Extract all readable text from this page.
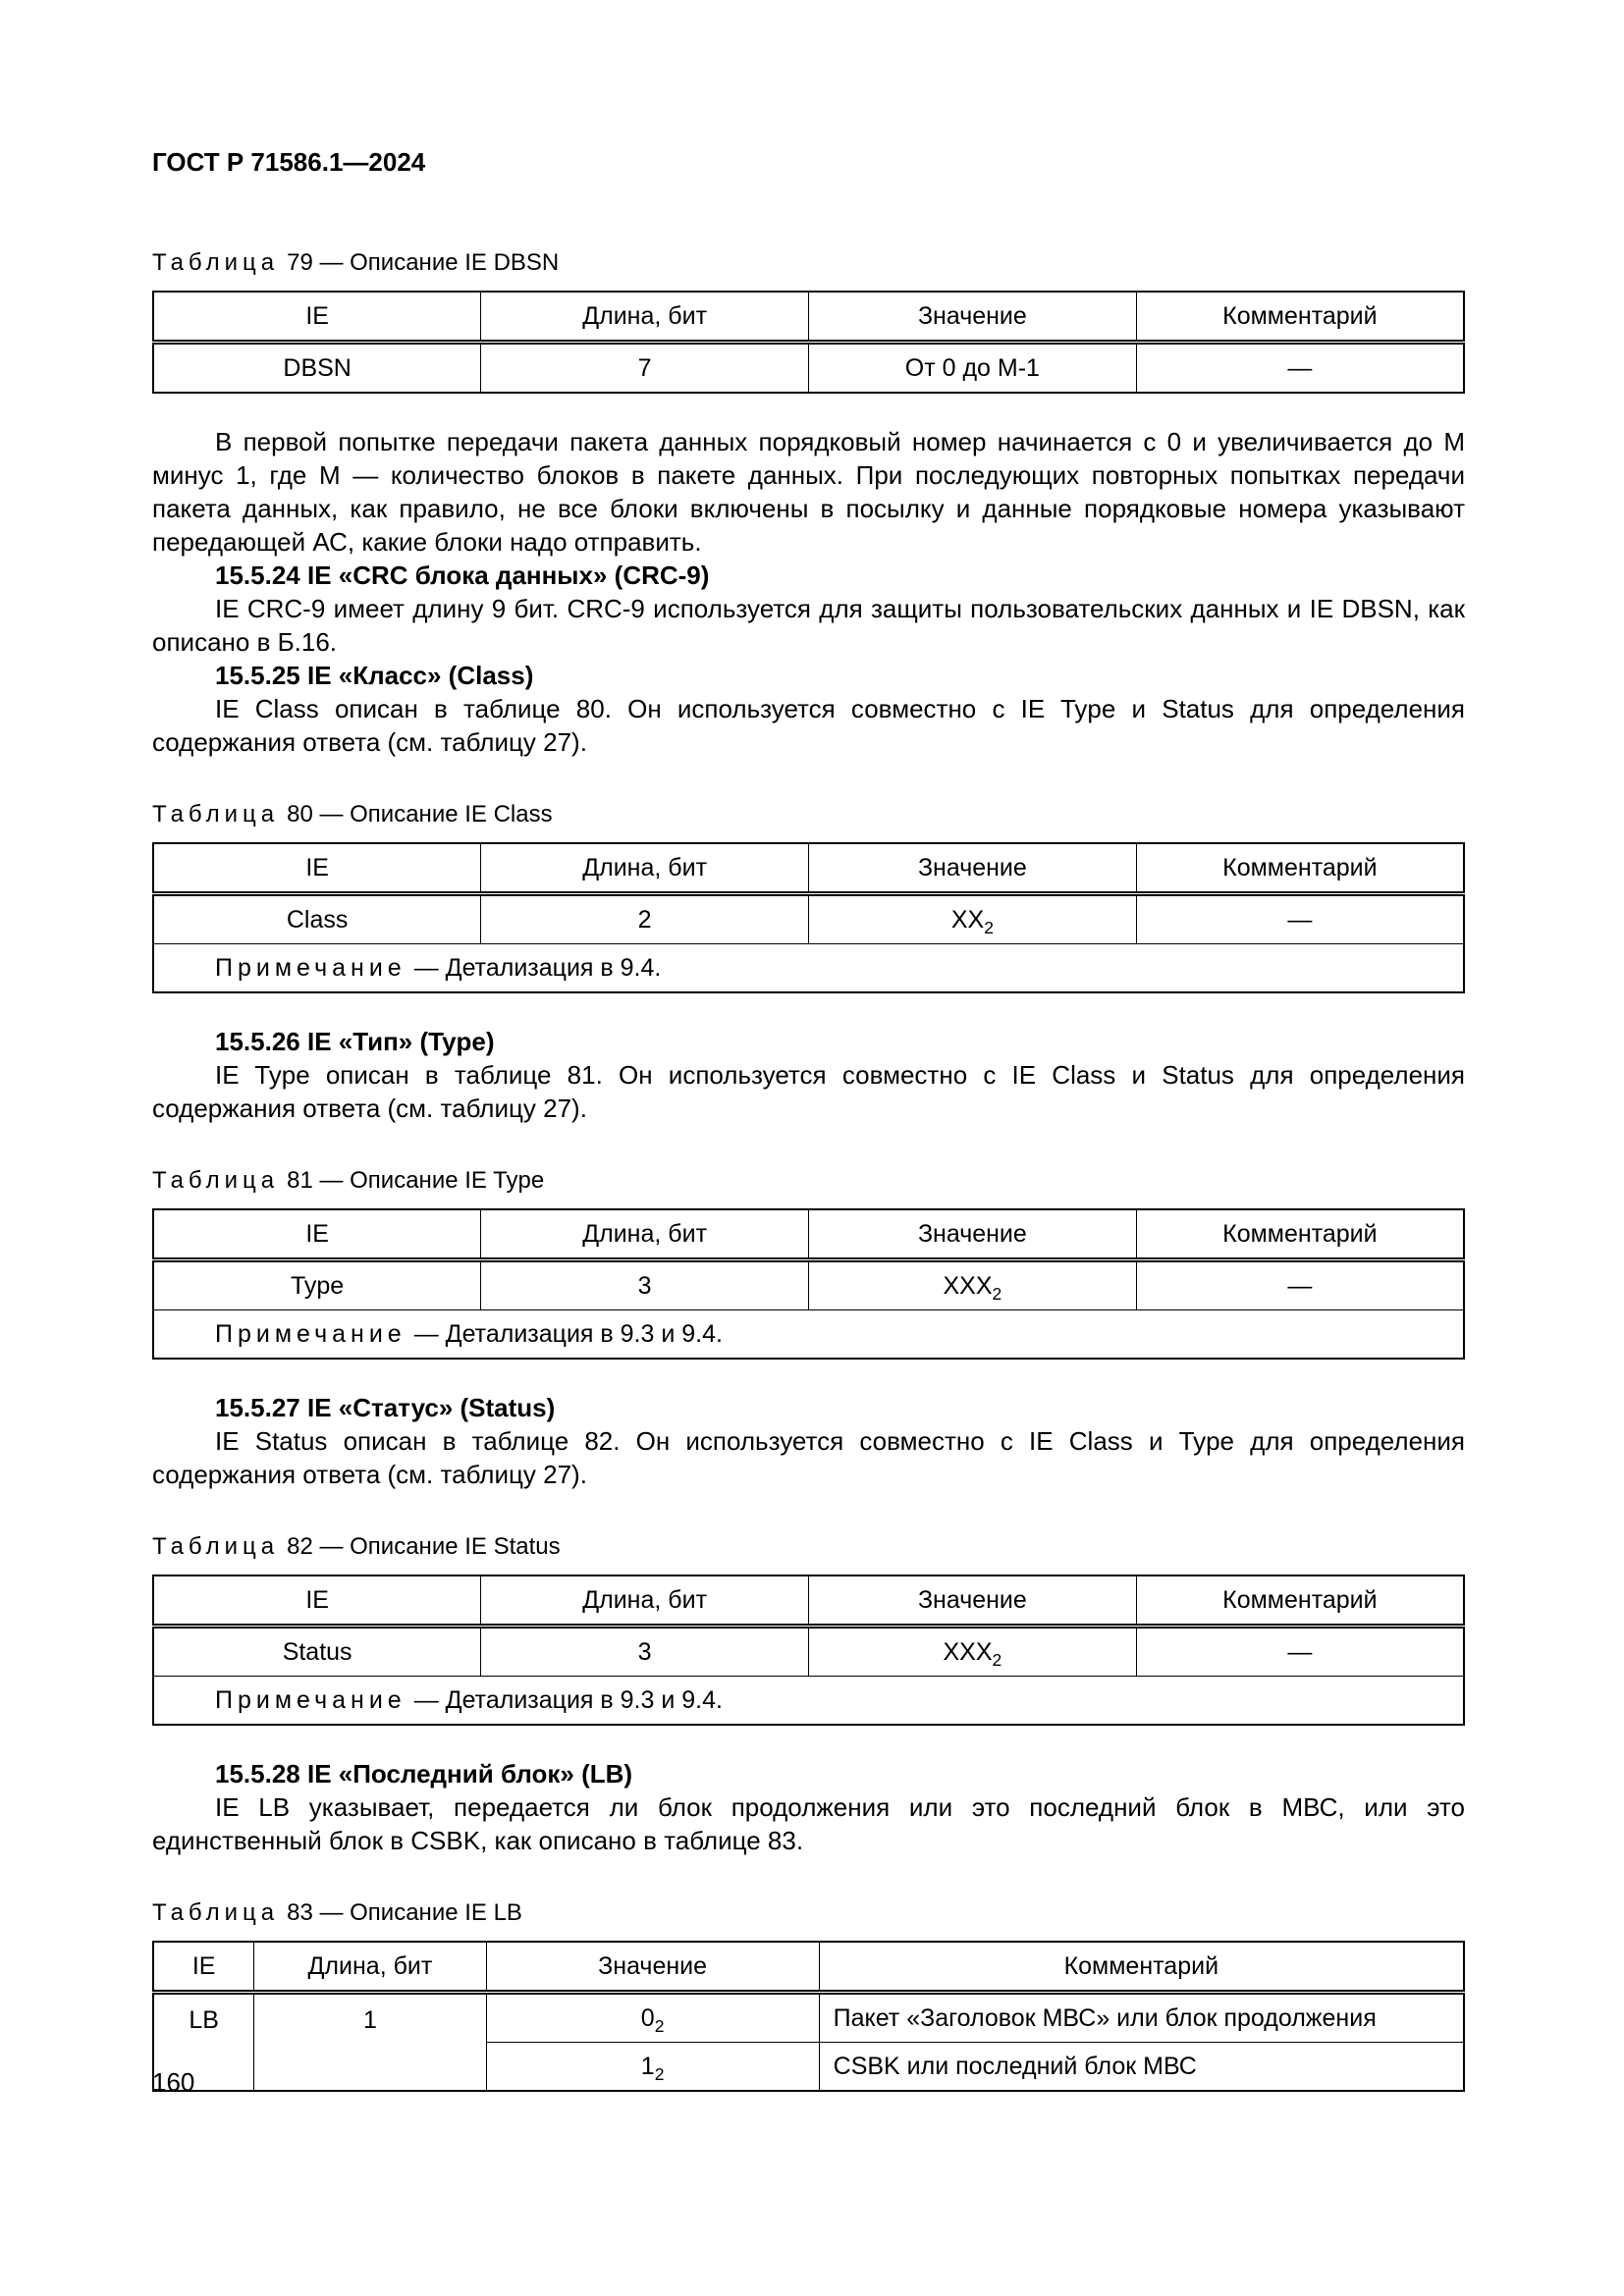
ГОСТ Р 71586.1—2024

Таблица 79 — Описание IE DBSN

IE	Длина, бит	Значение	Комментарий
DBSN	7	От 0 до М-1	—

В первой попытке передачи пакета данных порядковый номер начинается с 0 и увеличивается до М минус 1, где М — количество блоков в пакете данных. При последующих повторных попытках передачи пакета данных, как правило, не все блоки включены в посылку и данные порядковые номера указывают передающей АС, какие блоки надо отправить.

15.5.24 IE «CRC блока данных» (CRC-9)

IE CRC-9 имеет длину 9 бит. CRC-9 используется для защиты пользовательских данных и IE DBSN, как описано в Б.16.

15.5.25 IE «Класс» (Class)

IE Class описан в таблице 80. Он используется совместно с IE Type и Status для определения содержания ответа (см. таблицу 27).

Таблица 80 — Описание IE Class

IE	Длина, бит	Значение	Комментарий
Class	2	$XX_2$	—
Примечание — Детализация в 9.4.			

15.5.26 IE «Тип» (Type)

IE Type описан в таблице 81. Он используется совместно с IE Class и Status для определения содержания ответа (см. таблицу 27).

Таблица 81 — Описание IE Type

IE	Длина, бит	Значение	Комментарий
Type	3	$XXX_2$	—
Примечание — Детализация в 9.3 и 9.4.			

15.5.27 IE «Статус» (Status)

IE Status описан в таблице 82. Он используется совместно с IE Class и Type для определения содержания ответа (см. таблицу 27).

Таблица 82 — Описание IE Status

IE	Длина, бит	Значение	Комментарий
Status	3	$XXX_2$	—
Примечание — Детализация в 9.3 и 9.4.			

15.5.28 IE «Последний блок» (LB)

IE LB указывает, передается ли блок продолжения или это последний блок в МВС, или это единственный блок в CSBK, как описано в таблице 83.

Таблица 83 — Описание IE LB

IE	Длина, бит	Значение	Комментарий
LB	1	$0_2$	Пакет «Заголовок МВС» или блок продолжения
		$1_2$	CSBK или последний блок МВС
160
